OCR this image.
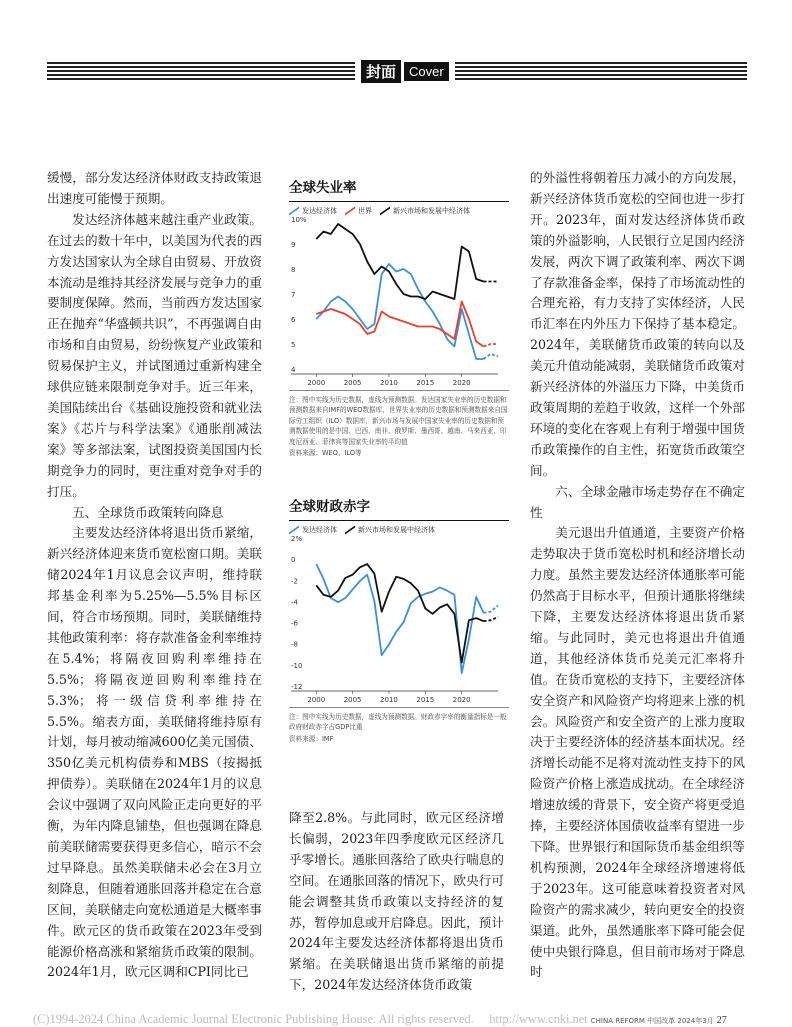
封面	Cover

缓慢，部分发达经济体财政支持政策退出速度可能慢于预期。

发达经济体越来越注重产业政策。在过去的数十年中，以美国为代表的西方发达国家认为全球自由贸易、开放资本流动是维持其经济发展与竞争力的重要制度保障。然而，当前西方发达国家正在抛弃“华盛顿共识”，不再强调自由市场和自由贸易，纷纷恢复产业政策和贸易保护主义，并试图通过重新构建全球供应链来限制竞争对手。近三年来，美国陆续出台《基础设施投资和就业法案》《芯片与科学法案》《通胀削减法案》等多部法案，试图投资美国国内长期竞争力的同时，更注重对竞争对手的打压。

五、全球货币政策转向降息

主要发达经济体将退出货币紧缩，新兴经济体迎来货币宽松窗口期。美联储2024年1月议息会议声明，维持联邦基金利率为5.25%—5.5%目标区间，符合市场预期。同时，美联储维持其他政策利率：将存款准备金利率维持在5.4%；将隔夜回购利率维持在5.5%；将隔夜逆回购利率维持在5.3%；将一级信贷利率维持在5.5%。缩表方面，美联储将维持原有计划，每月被动缩减600亿美元国债、350亿美元机构债券和MBS（按揭抵押债券）。美联储在2024年1月的议息会议中强调了双向风险正走向更好的平衡，为年内降息铺垫，但也强调在降息前美联储需要获得更多信心，暗示不会过早降息。虽然美联储未必会在3月立刻降息，但随着通胀回落并稳定在合意区间，美联储走向宽松通道是大概率事件。欧元区的货币政策在2023年受到能源价格高涨和紧缩货币政策的限制。2024年1月，欧元区调和CPI同比已

全球失业率
发达经济体	世界	新兴市场和发展中经济体
4
5
6
7
8
9
10%
2000	2005	2010	2015	2020
注：图中实线为历史数据，虚线为预测数据。发达国家失业率的历史数据和预测数据来自IMF的WEO数据库，世界失业率的历史数据和预测数据来自国际劳工组织（ILO）数据库，新兴市场与发展中国家失业率的历史数据和预测数据使用的是中国、巴西、南非、俄罗斯、墨西哥、越南、马来西亚、印度尼西亚、菲律宾等国家失业率的平均值
资料来源：WEO、ILO等
全球财政赤字
发达经济体	新兴市场和发展中经济体
-12
-10
-8
-6
-4
-2
0
2%
2000	2005	2010	2015	2020
注：图中实线为历史数据，虚线为预测数据。财政赤字率的衡量指标是一般政府财政赤字占GDP比重
资料来源：IMF

降至2.8%。与此同时，欧元区经济增长偏弱，2023年四季度欧元区经济几乎零增长。通胀回落给了欧央行喘息的空间。在通胀回落的情况下，欧央行可能会调整其货币政策以支持经济的复苏，暂停加息或开启降息。因此，预计2024年主要发达经济体都将退出货币紧缩。在美联储退出货币紧缩的前提下，2024年发达经济体货币政策

的外溢性将朝着压力减小的方向发展，新兴经济体货币宽松的空间也进一步打开。2023年，面对发达经济体货币政策的外溢影响，人民银行立足国内经济发展，两次下调了政策利率、两次下调了存款准备金率，保持了市场流动性的合理充裕，有力支持了实体经济，人民币汇率在内外压力下保持了基本稳定。2024年，美联储货币政策的转向以及美元升值动能减弱，美联储货币政策对新兴经济体的外溢压力下降，中美货币政策周期的差趋于收敛，这样一个外部环境的变化在客观上有利于增强中国货币政策操作的自主性，拓宽货币政策空间。

六、全球金融市场走势存在不确定性

美元退出升值通道，主要资产价格走势取决于货币宽松时机和经济增长动力度。虽然主要发达经济体通胀率可能仍然高于目标水平，但预计通胀将继续下降，主要发达经济体将退出货币紧缩。与此同时，美元也将退出升值通道，其他经济体货币兑美元汇率将升值。在货币宽松的支持下，主要经济体安全资产和风险资产均将迎来上涨的机会。风险资产和安全资产的上涨力度取决于主要经济体的经济基本面状况。经济增长动能不足将对流动性支持下的风险资产价格上涨造成扰动。在全球经济增速放缓的背景下，安全资产将更受追捧，主要经济体国债收益率有望进一步下降。世界银行和国际货币基金组织等机构预测，2024年全球经济增速将低于2023年。这可能意味着投资者对风险资产的需求减少，转向更安全的投资渠道。此外，虽然通胀率下降可能会促使中央银行降息，但目前市场对于降息时

(C)1994-2024 China Academic Journal Electronic Publishing House. All rights reserved. http://www.cnki.net CHINA REFORM 中国改革 2024年3月 27
